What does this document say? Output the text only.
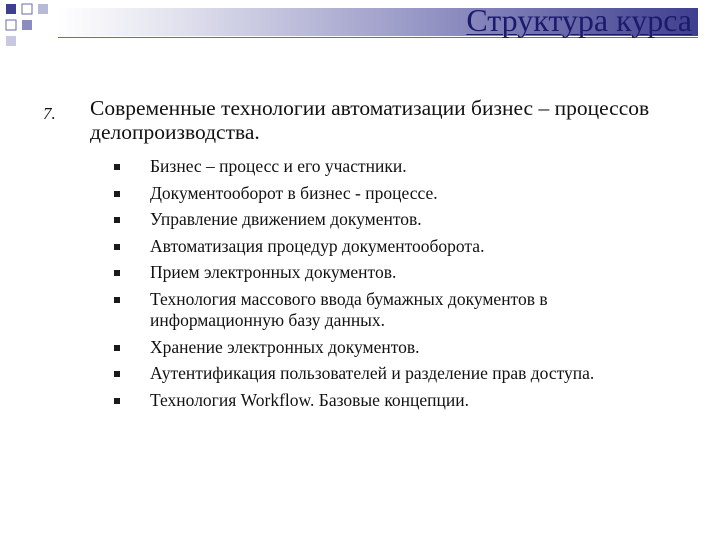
Структура курса
7. Современные технологии автоматизации бизнес – процессов делопроизводства.
Бизнес – процесс и его участники.
Документооборот в бизнес - процессе.
Управление движением документов.
Автоматизация процедур документооборота.
Прием электронных документов.
Технология массового ввода бумажных документов в информационную базу данных.
Хранение электронных документов.
Аутентификация пользователей и разделение прав доступа.
Технология Workflow. Базовые концепции.
